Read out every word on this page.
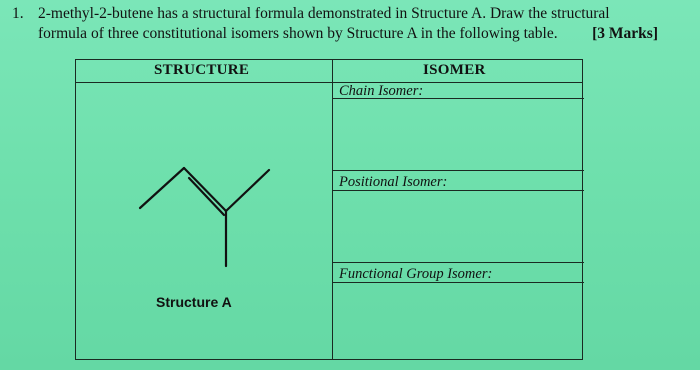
1. 2-methyl-2-butene has a structural formula demonstrated in Structure A. Draw the structural
formula of three constitutional isomers shown by Structure A in the following table. [3 Marks]
STRUCTURE	ISOMER
Chain Isomer:
Positional Isomer:
Functional Group Isomer:
Structure A
